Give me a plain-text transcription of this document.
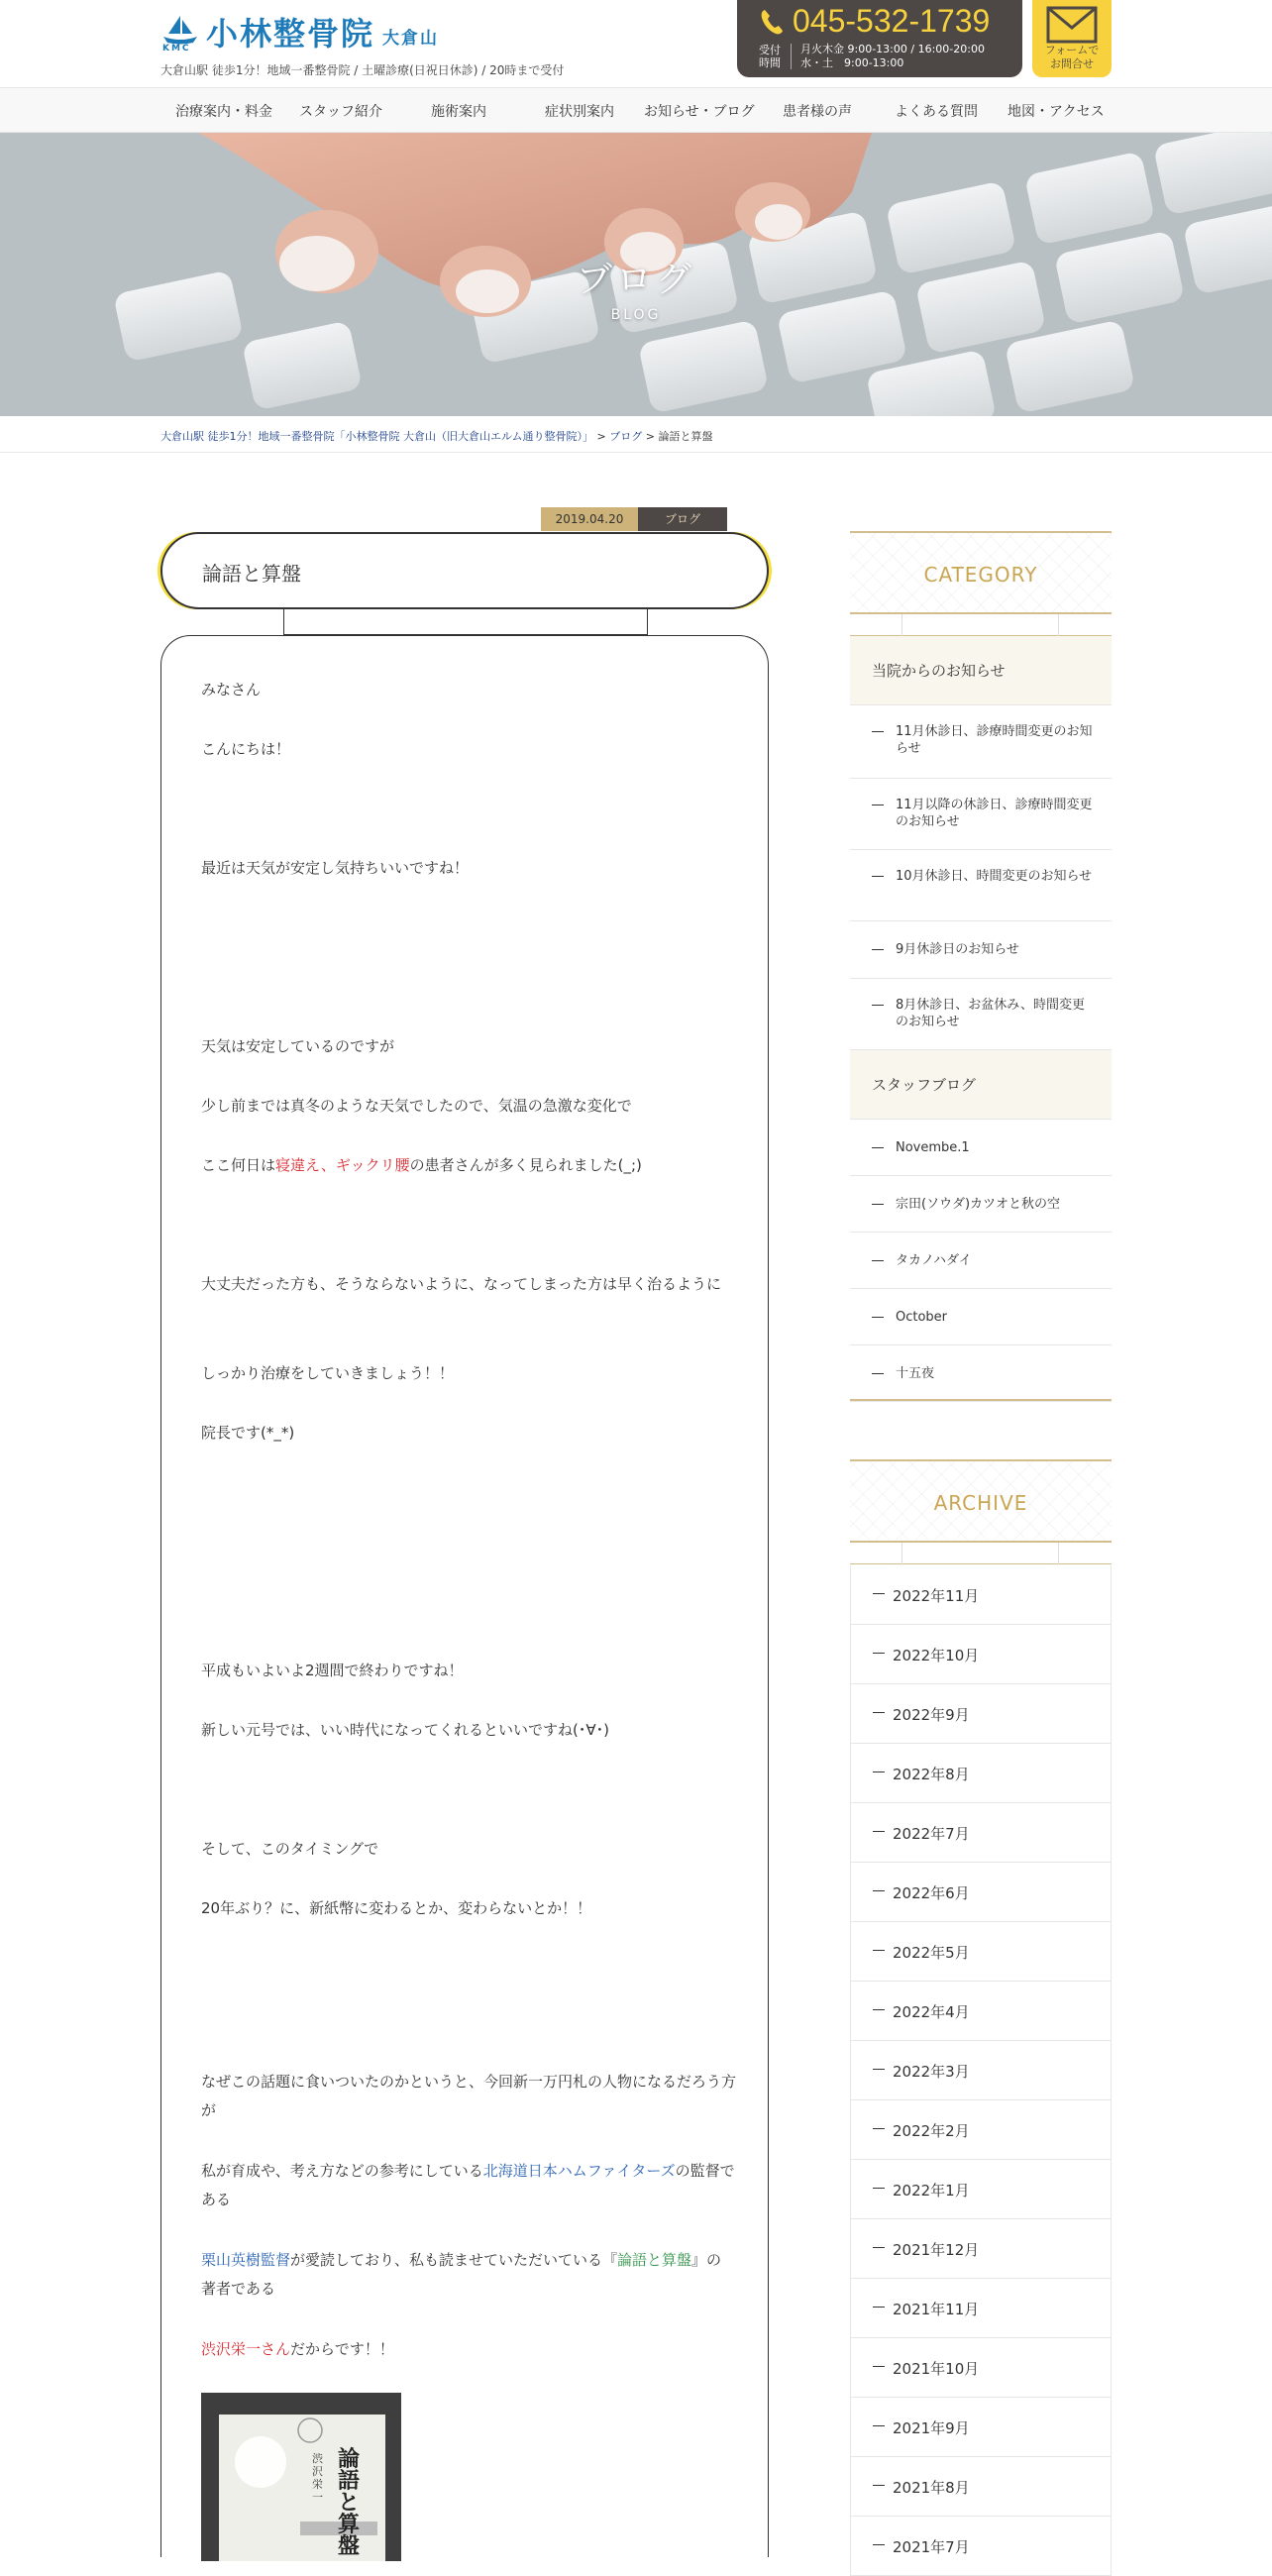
KMC 小林整骨院 大倉山
大倉山駅 徒歩1分！地域一番整骨院 / 土曜診療(日祝日休診) / 20時まで受付
045-532-1739
受付 時間
月火木金 9:00-13:00 / 16:00-20:00
水・土　9:00-13:00
フォームで
お問合せ
治療案内・料金 スタッフ紹介	施術案内	症状別案内 お知らせ・ブログ 患者様の声	よくある質問 地図・アクセス
ブログ
BLOG
大倉山駅 徒歩1分！地域一番整骨院「小林整骨院 大倉山（旧大倉山エルム通り整骨院）」 > ブログ > 論語と算盤
2019.04.20	ブログ
論語と算盤

みなさん

こんにちは！

最近は天気が安定し気持ちいいですね！

天気は安定しているのですが

少し前までは真冬のような天気でしたので、気温の急激な変化で

ここ何日は寝違え、ギックリ腰の患者さんが多く見られました(_;)

大丈夫だった方も、そうならないように、なってしまった方は早く治るように

しっかり治療をしていきましょう！！

院長です(*_*)

平成もいよいよ2週間で終わりですね！

新しい元号では、いい時代になってくれるといいですね(･∀･)

そして、このタイミングで

20年ぶり？に、新紙幣に変わるとか、変わらないとか！！

なぜこの話題に食いついたのかというと、今回新一万円札の人物になるだろう方が

私が育成や、考え方などの参考にしている北海道日本ハムファイターズの監督である

栗山英樹監督が愛読しており、私も読ませていただいている『論語と算盤』の著者である

渋沢栄一さんだからです！！

渋沢栄一
論語と算盤
CATEGORY
当院からのお知らせ
11月休診日、診療時間変更のお知らせ
11月以降の休診日、診療時間変更のお知らせ
10月休診日、時間変更のお知らせ
9月休診日のお知らせ
8月休診日、お盆休み、時間変更のお知らせ
スタッフブログ
Novembe.1
宗田(ソウダ)カツオと秋の空
タカノハダイ
October
十五夜
ARCHIVE
2022年11月
2022年10月
2022年9月
2022年8月
2022年7月
2022年6月
2022年5月
2022年4月
2022年3月
2022年2月
2022年1月
2021年12月
2021年11月
2021年10月
2021年9月
2021年8月
2021年7月
